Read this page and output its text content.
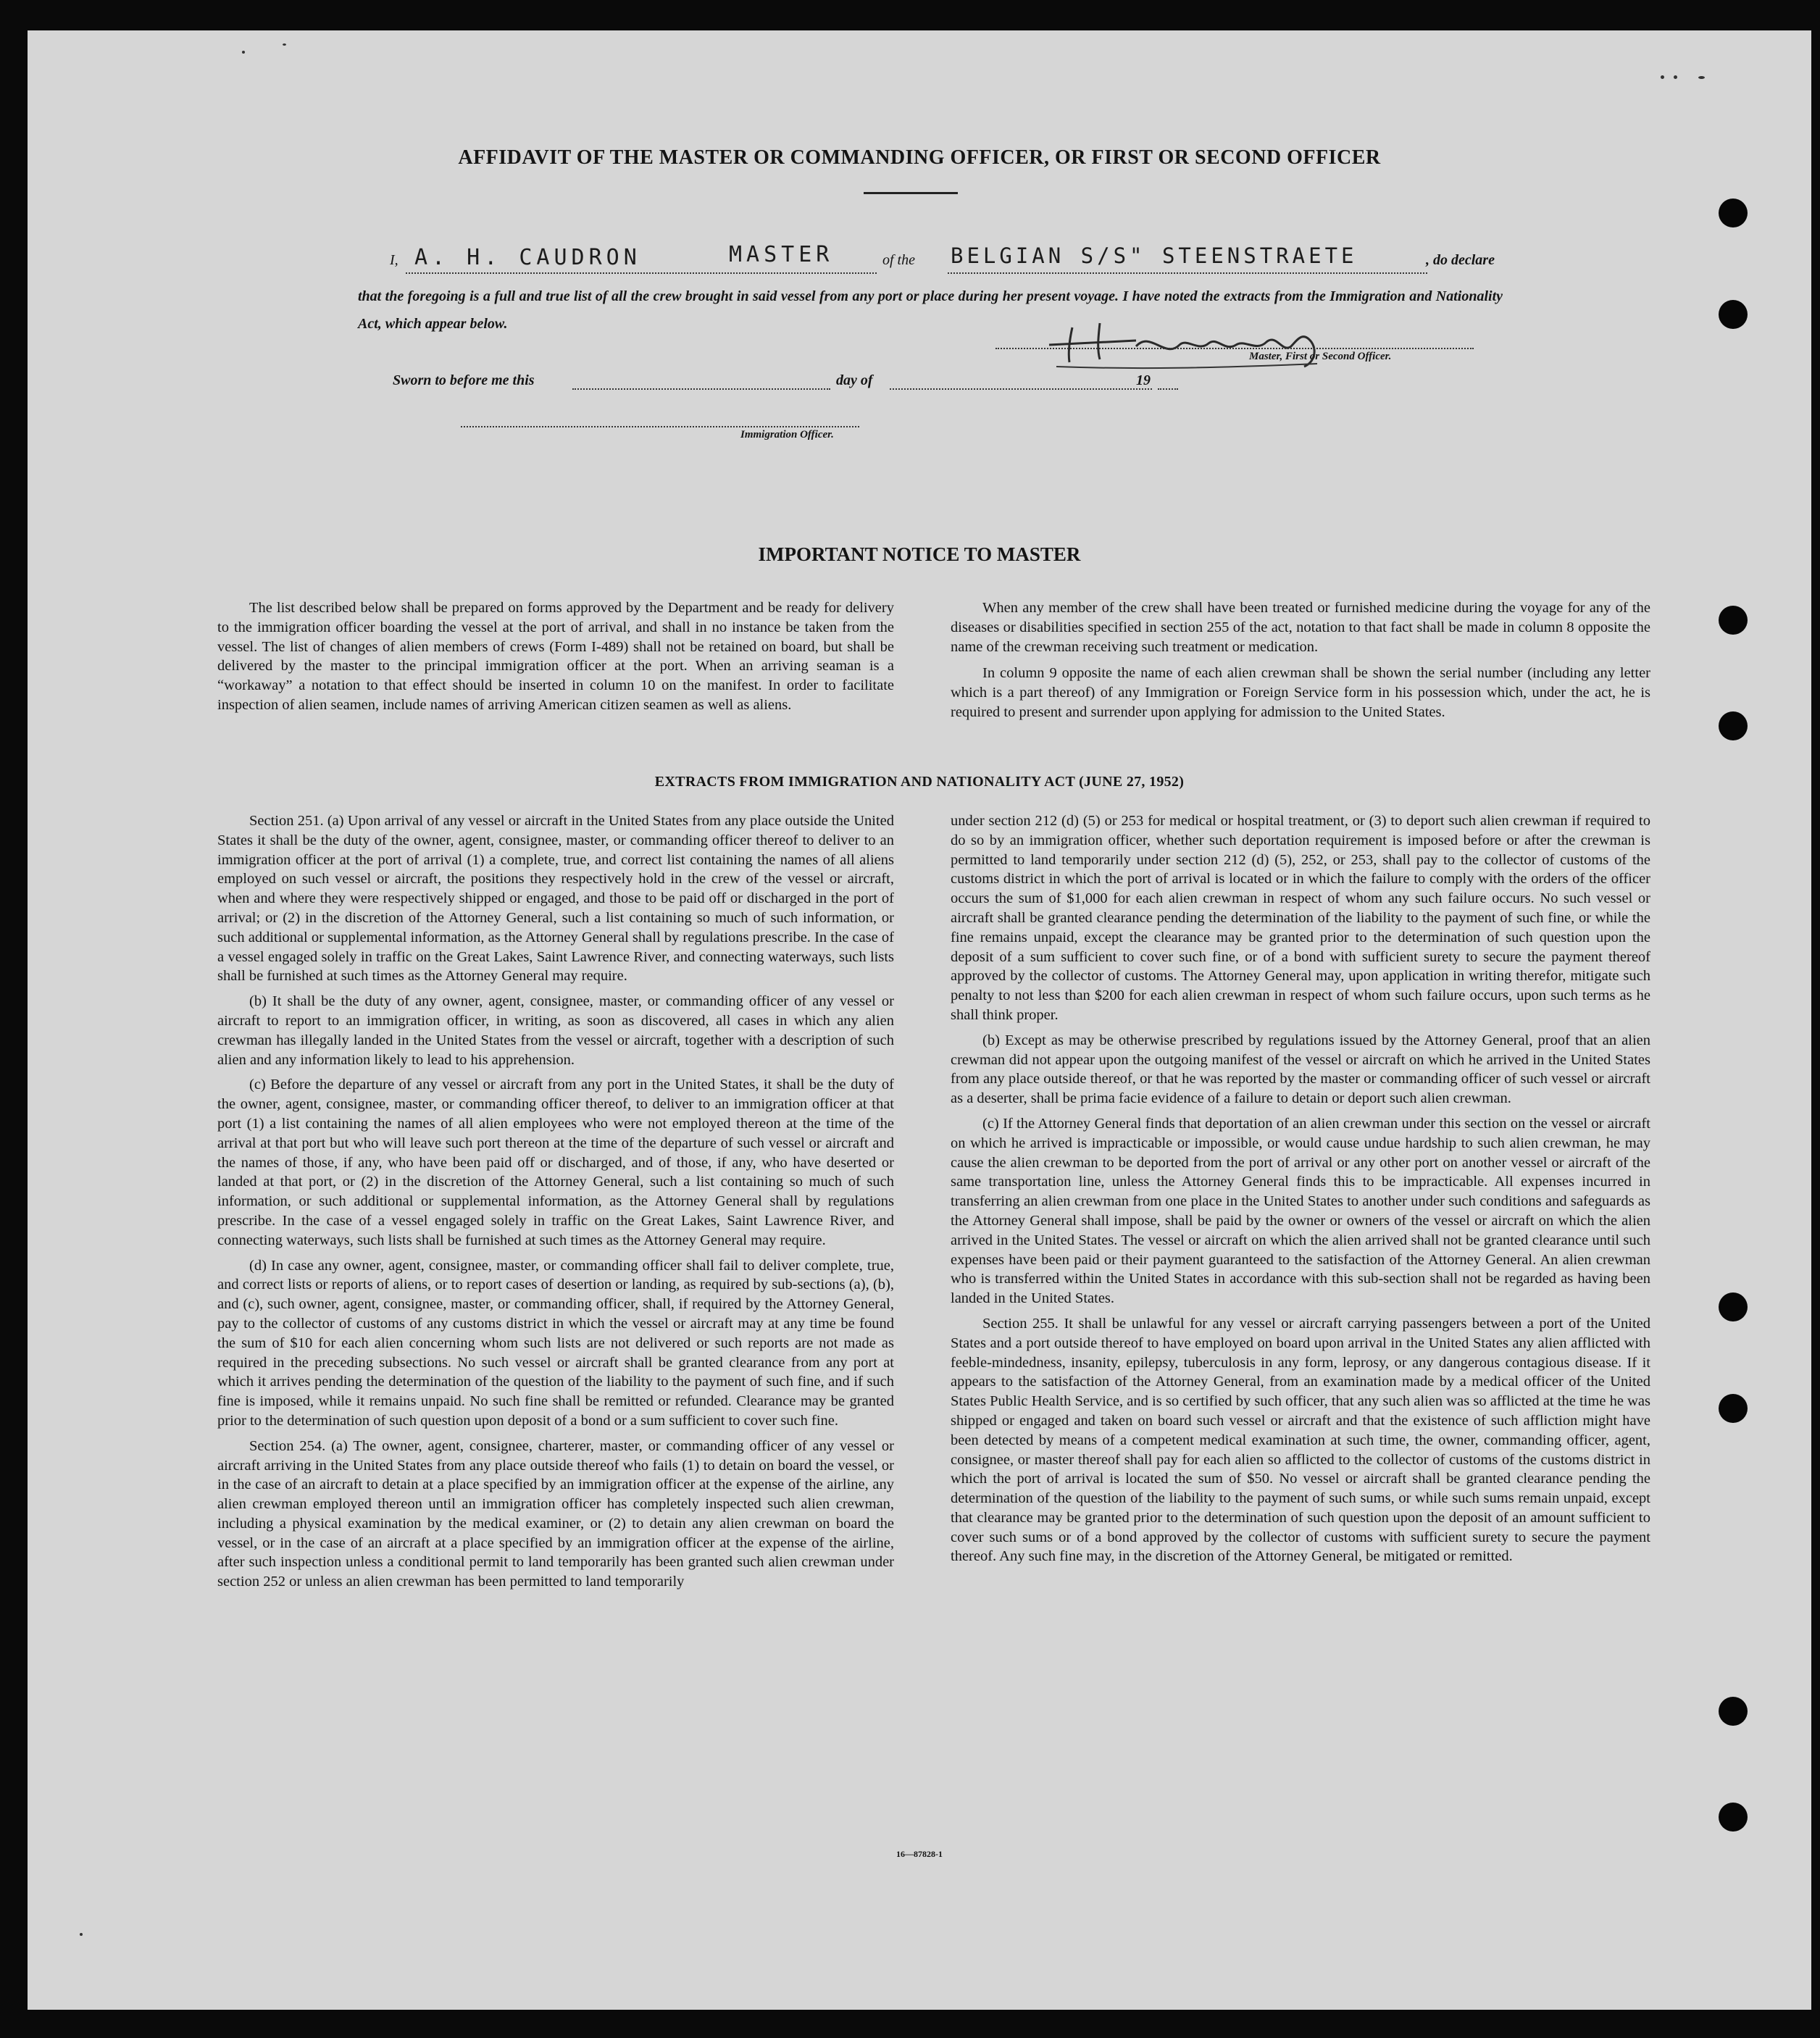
AFFIDAVIT OF THE MASTER OR COMMANDING OFFICER, OR FIRST OR SECOND OFFICER
I, A. H. CAUDRON	MASTER	of the BELGIAN S/S" STEENSTRAETE	, do declare
that the foregoing is a full and true list of all the crew brought in said vessel from any port or place during her present voyage. I have noted the extracts from the Immigration and Nationality Act, which appear below.
Master, First or Second Officer.
Sworn to before me this	day of	19
Immigration Officer.
IMPORTANT NOTICE TO MASTER

The list described below shall be prepared on forms approved by the Department and be ready for delivery to the immigration officer boarding the vessel at the port of arrival, and shall in no instance be taken from the vessel. The list of changes of alien members of crews (Form I-489) shall not be retained on board, but shall be delivered by the master to the principal immigration officer at the port. When an arriving seaman is a “workaway” a notation to that effect should be inserted in column 10 on the manifest. In order to facilitate inspection of alien seamen, include names of arriving American citizen seamen as well as aliens.

When any member of the crew shall have been treated or furnished medicine during the voyage for any of the diseases or disabilities specified in section 255 of the act, notation to that fact shall be made in column 8 opposite the name of the crewman receiving such treatment or medication.

In column 9 opposite the name of each alien crewman shall be shown the serial number (including any letter which is a part thereof) of any Immigration or Foreign Service form in his possession which, under the act, he is required to present and surrender upon applying for admission to the United States.

EXTRACTS FROM IMMIGRATION AND NATIONALITY ACT (JUNE 27, 1952)

Section 251. (a) Upon arrival of any vessel or aircraft in the United States from any place outside the United States it shall be the duty of the owner, agent, consignee, master, or commanding officer thereof to deliver to an immigration officer at the port of arrival (1) a complete, true, and correct list containing the names of all aliens employed on such vessel or aircraft, the positions they respectively hold in the crew of the vessel or aircraft, when and where they were respectively shipped or engaged, and those to be paid off or discharged in the port of arrival; or (2) in the discretion of the Attorney General, such a list containing so much of such information, or such additional or supplemental information, as the Attorney General shall by regulations prescribe. In the case of a vessel engaged solely in traffic on the Great Lakes, Saint Lawrence River, and connecting waterways, such lists shall be furnished at such times as the Attorney General may require.

(b) It shall be the duty of any owner, agent, consignee, master, or commanding officer of any vessel or aircraft to report to an immigration officer, in writing, as soon as discovered, all cases in which any alien crewman has illegally landed in the United States from the vessel or aircraft, together with a description of such alien and any information likely to lead to his apprehension.

(c) Before the departure of any vessel or aircraft from any port in the United States, it shall be the duty of the owner, agent, consignee, master, or commanding officer thereof, to deliver to an immigration officer at that port (1) a list containing the names of all alien employees who were not employed thereon at the time of the arrival at that port but who will leave such port thereon at the time of the departure of such vessel or aircraft and the names of those, if any, who have been paid off or discharged, and of those, if any, who have deserted or landed at that port, or (2) in the discretion of the Attorney General, such a list containing so much of such information, or such additional or supplemental information, as the Attorney General shall by regulations prescribe. In the case of a vessel engaged solely in traffic on the Great Lakes, Saint Lawrence River, and connecting waterways, such lists shall be furnished at such times as the Attorney General may require.

(d) In case any owner, agent, consignee, master, or commanding officer shall fail to deliver complete, true, and correct lists or reports of aliens, or to report cases of desertion or landing, as required by sub-sections (a), (b), and (c), such owner, agent, consignee, master, or commanding officer, shall, if required by the Attorney General, pay to the collector of customs of any customs district in which the vessel or aircraft may at any time be found the sum of $10 for each alien concerning whom such lists are not delivered or such reports are not made as required in the preceding subsections. No such vessel or aircraft shall be granted clearance from any port at which it arrives pending the determination of the question of the liability to the payment of such fine, and if such fine is imposed, while it remains unpaid. No such fine shall be remitted or refunded. Clearance may be granted prior to the determination of such question upon deposit of a bond or a sum sufficient to cover such fine.

Section 254. (a) The owner, agent, consignee, charterer, master, or commanding officer of any vessel or aircraft arriving in the United States from any place outside thereof who fails (1) to detain on board the vessel, or in the case of an aircraft to detain at a place specified by an immigration officer at the expense of the airline, any alien crewman employed thereon until an immigration officer has completely inspected such alien crewman, including a physical examination by the medical examiner, or (2) to detain any alien crewman on board the vessel, or in the case of an aircraft at a place specified by an immigration officer at the expense of the airline, after such inspection unless a conditional permit to land temporarily has been granted such alien crewman under section 252 or unless an alien crewman has been permitted to land temporarily

under section 212 (d) (5) or 253 for medical or hospital treatment, or (3) to deport such alien crewman if required to do so by an immigration officer, whether such deportation requirement is imposed before or after the crewman is permitted to land temporarily under section 212 (d) (5), 252, or 253, shall pay to the collector of customs of the customs district in which the port of arrival is located or in which the failure to comply with the orders of the officer occurs the sum of $1,000 for each alien crewman in respect of whom any such failure occurs. No such vessel or aircraft shall be granted clearance pending the determination of the liability to the payment of such fine, or while the fine remains unpaid, except the clearance may be granted prior to the determination of such question upon the deposit of a sum sufficient to cover such fine, or of a bond with sufficient surety to secure the payment thereof approved by the collector of customs. The Attorney General may, upon application in writing therefor, mitigate such penalty to not less than $200 for each alien crewman in respect of whom such failure occurs, upon such terms as he shall think proper.

(b) Except as may be otherwise prescribed by regulations issued by the Attorney General, proof that an alien crewman did not appear upon the outgoing manifest of the vessel or aircraft on which he arrived in the United States from any place outside thereof, or that he was reported by the master or commanding officer of such vessel or aircraft as a deserter, shall be prima facie evidence of a failure to detain or deport such alien crewman.

(c) If the Attorney General finds that deportation of an alien crewman under this section on the vessel or aircraft on which he arrived is impracticable or impossible, or would cause undue hardship to such alien crewman, he may cause the alien crewman to be deported from the port of arrival or any other port on another vessel or aircraft of the same transportation line, unless the Attorney General finds this to be impracticable. All expenses incurred in transferring an alien crewman from one place in the United States to another under such conditions and safeguards as the Attorney General shall impose, shall be paid by the owner or owners of the vessel or aircraft on which the alien arrived in the United States. The vessel or aircraft on which the alien arrived shall not be granted clearance until such expenses have been paid or their payment guaranteed to the satisfaction of the Attorney General. An alien crewman who is transferred within the United States in accordance with this sub-section shall not be regarded as having been landed in the United States.

Section 255. It shall be unlawful for any vessel or aircraft carrying passengers between a port of the United States and a port outside thereof to have employed on board upon arrival in the United States any alien afflicted with feeble-mindedness, insanity, epilepsy, tuberculosis in any form, leprosy, or any dangerous contagious disease. If it appears to the satisfaction of the Attorney General, from an examination made by a medical officer of the United States Public Health Service, and is so certified by such officer, that any such alien was so afflicted at the time he was shipped or engaged and taken on board such vessel or aircraft and that the existence of such affliction might have been detected by means of a competent medical examination at such time, the owner, commanding officer, agent, consignee, or master thereof shall pay for each alien so afflicted to the collector of customs of the customs district in which the port of arrival is located the sum of $50. No vessel or aircraft shall be granted clearance pending the determination of the question of the liability to the payment of such sums, or while such sums remain unpaid, except that clearance may be granted prior to the determination of such question upon the deposit of an amount sufficient to cover such sums or of a bond approved by the collector of customs with sufficient surety to secure the payment thereof. Any such fine may, in the discretion of the Attorney General, be mitigated or remitted.

16—87828-1
